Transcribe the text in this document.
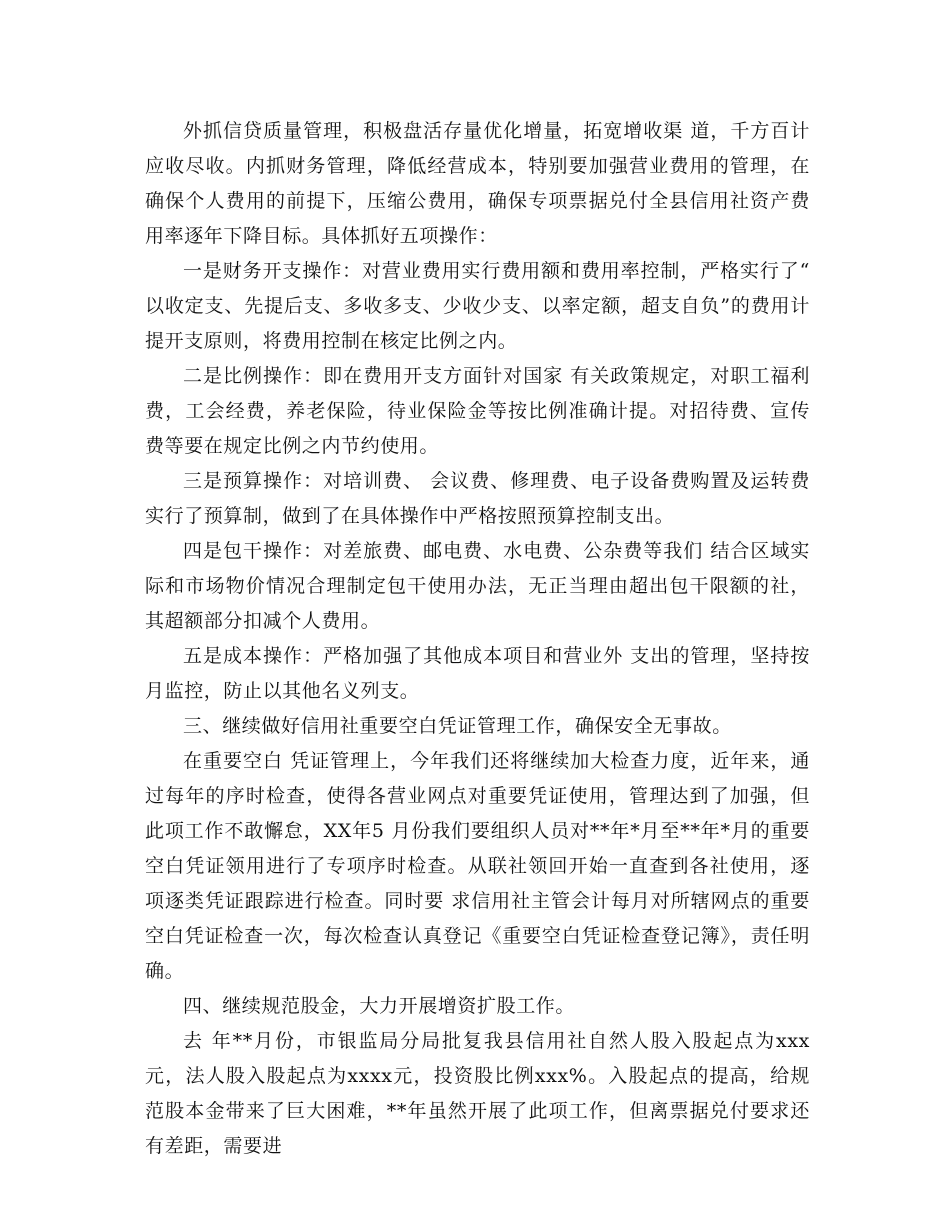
外抓信贷质量管理，积极盘活存量优化增量，拓宽增收渠 道，千方百计应收尽收。内抓财务管理，降低经营成本，特别要加强营业费用的管理，在确保个人费用的前提下，压缩公费用，确保专项票据兑付全县信用社资产费 用率逐年下降目标。具体抓好五项操作：

一是财务开支操作：对营业费用实行费用额和费用率控制，严格实行了“ 以收定支、先提后支、多收多支、少收少支、以率定额，超支自负”的费用计提开支原则，将费用控制在核定比例之内。

二是比例操作：即在费用开支方面针对国家 有关政策规定，对职工福利费，工会经费，养老保险，待业保险金等按比例准确计提。对招待费、宣传费等要在规定比例之内节约使用。

三是预算操作：对培训费、 会议费、修理费、电子设备费购置及运转费实行了预算制，做到了在具体操作中严格按照预算控制支出。

四是包干操作：对差旅费、邮电费、水电费、公杂费等我们 结合区域实际和市场物价情况合理制定包干使用办法，无正当理由超出包干限额的社，其超额部分扣减个人费用。

五是成本操作：严格加强了其他成本项目和营业外 支出的管理，坚持按月监控，防止以其他名义列支。

三、继续做好信用社重要空白凭证管理工作，确保安全无事故。

在重要空白 凭证管理上，今年我们还将继续加大检查力度，近年来，通过每年的序时检查，使得各营业网点对重要凭证使用，管理达到了加强，但此项工作不敢懈怠，XX年5 月份我们要组织人员对**年*月至**年*月的重要空白凭证领用进行了专项序时检查。从联社领回开始一直查到各社使用，逐项逐类凭证跟踪进行检查。同时要 求信用社主管会计每月对所辖网点的重要空白凭证检查一次，每次检查认真登记《重要空白凭证检查登记簿》，责任明确。

四、继续规范股金，大力开展增资扩股工作。

去 年**月份，市银监局分局批复我县信用社自然人股入股起点为xxx元，法人股入股起点为xxxx元，投资股比例xxx%。入股起点的提高，给规范股本金带来了巨大困难，**年虽然开展了此项工作，但离票据兑付要求还有差距，需要进
